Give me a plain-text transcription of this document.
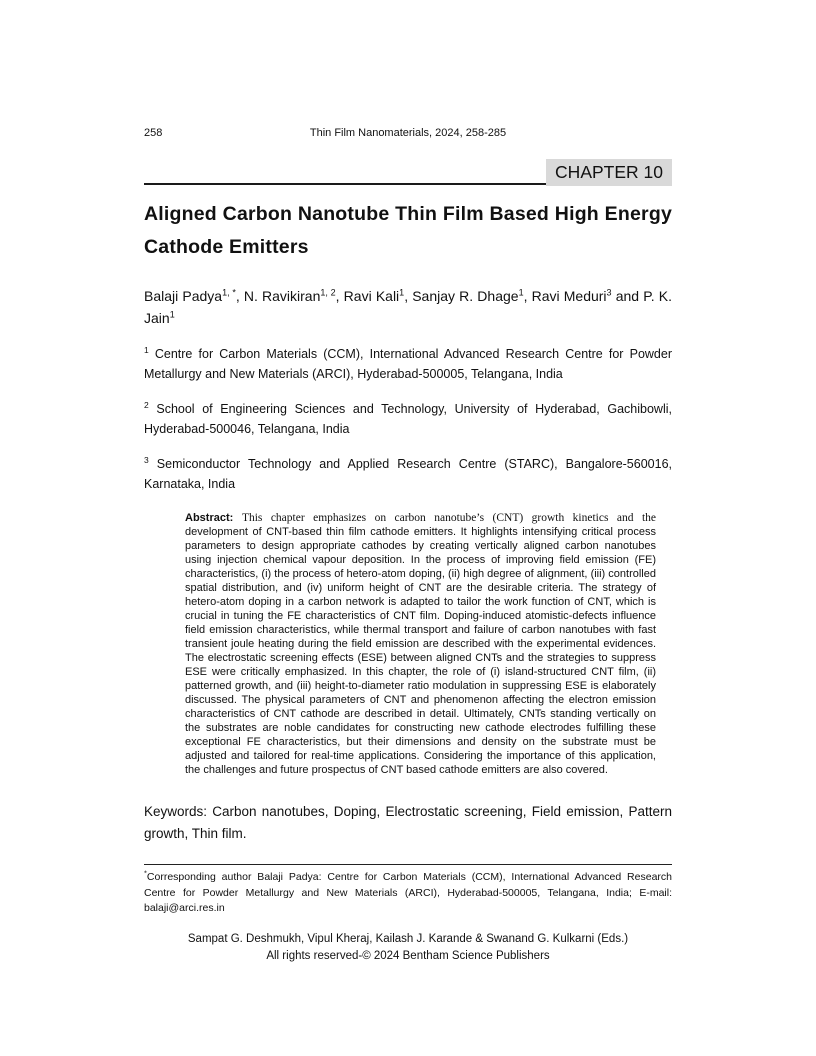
258	Thin Film Nanomaterials, 2024, 258-285
CHAPTER 10
Aligned Carbon Nanotube Thin Film Based High Energy Cathode Emitters

Balaji Padya$^{1, *}$, N. Ravikiran$^{1, 2}$, Ravi Kali$^1$, Sanjay R. Dhage$^1$, Ravi Meduri$^3$ and P. K. Jain$^1$

$^1$ Centre for Carbon Materials (CCM), International Advanced Research Centre for Powder Metallurgy and New Materials (ARCI), Hyderabad-500005, Telangana, India

$^2$ School of Engineering Sciences and Technology, University of Hyderabad, Gachibowli, Hyderabad-500046, Telangana, India

$^3$ Semiconductor Technology and Applied Research Centre (STARC), Bangalore-560016, Karnataka, India

Abstract: This chapter emphasizes on carbon nanotube’s (CNT) growth kinetics and the development of CNT-based thin film cathode emitters. It highlights intensifying critical process parameters to design appropriate cathodes by creating vertically aligned carbon nanotubes using injection chemical vapour deposition. In the process of improving field emission (FE) characteristics, (i) the process of hetero-atom doping, (ii) high degree of alignment, (iii) controlled spatial distribution, and (iv) uniform height of CNT are the desirable criteria. The strategy of hetero-atom doping in a carbon network is adapted to tailor the work function of CNT, which is crucial in tuning the FE characteristics of CNT film. Doping-induced atomistic-defects influence field emission characteristics, while thermal transport and failure of carbon nanotubes with fast transient joule heating during the field emission are described with the experimental evidences. The electrostatic screening effects (ESE) between aligned CNTs and the strategies to suppress ESE were critically emphasized. In this chapter, the role of (i) island-structured CNT film, (ii) patterned growth, and (iii) height-to-diameter ratio modulation in suppressing ESE is elaborately discussed. The physical parameters of CNT and phenomenon affecting the electron emission characteristics of CNT cathode are described in detail. Ultimately, CNTs standing vertically on the substrates are noble candidates for constructing new cathode electrodes fulfilling these exceptional FE characteristics, but their dimensions and density on the substrate must be adjusted and tailored for real-time applications. Considering the importance of this application, the challenges and future prospectus of CNT based cathode emitters are also covered.

Keywords: Carbon nanotubes, Doping, Electrostatic screening, Field emission, Pattern growth, Thin film.

*Corresponding author Balaji Padya: Centre for Carbon Materials (CCM), International Advanced Research Centre for Powder Metallurgy and New Materials (ARCI), Hyderabad-500005, Telangana, India; E-mail: balaji@arci.res.in

Sampat G. Deshmukh, Vipul Kheraj, Kailash J. Karande & Swanand G. Kulkarni (Eds.)

All rights reserved-© 2024 Bentham Science Publishers
